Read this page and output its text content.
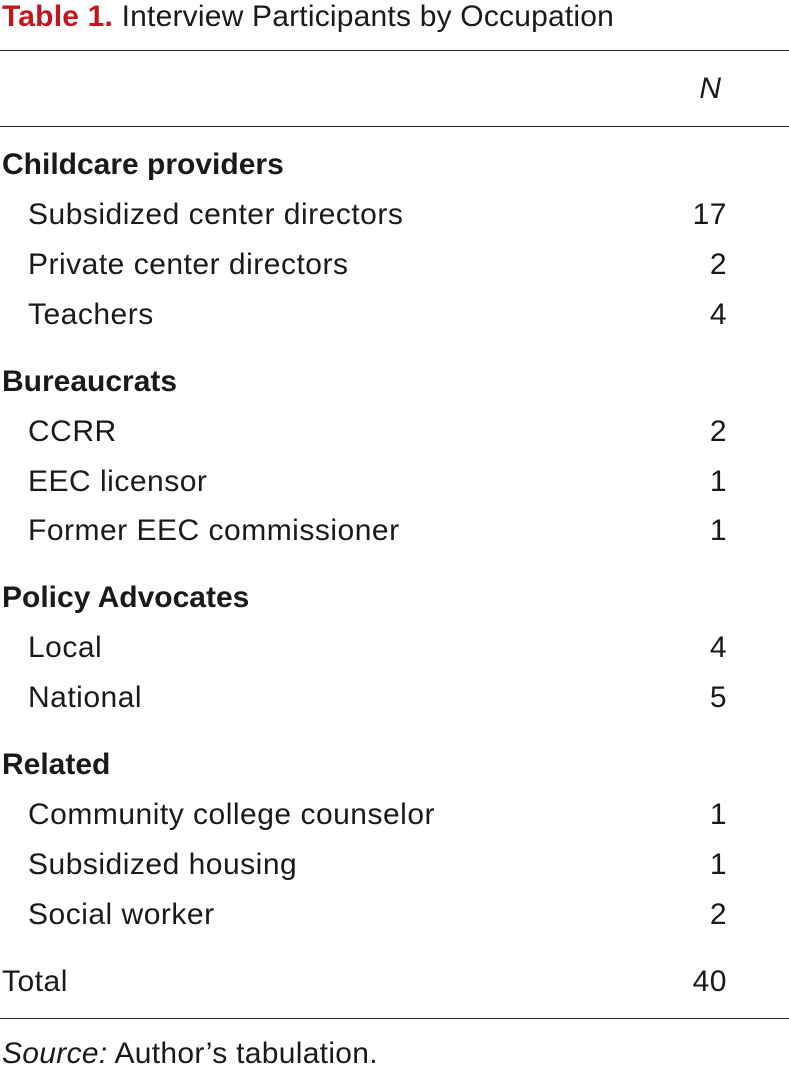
Table 1. Interview Participants by Occupation
N
Childcare providers
Subsidized center directors	17
Private center directors	2
Teachers	4
Bureaucrats
CCRR	2
EEC licensor	1
Former EEC commissioner	1
Policy Advocates
Local	4
National	5
Related
Community college counselor	1
Subsidized housing	1
Social worker	2
Total	40
Source: Author’s tabulation.
